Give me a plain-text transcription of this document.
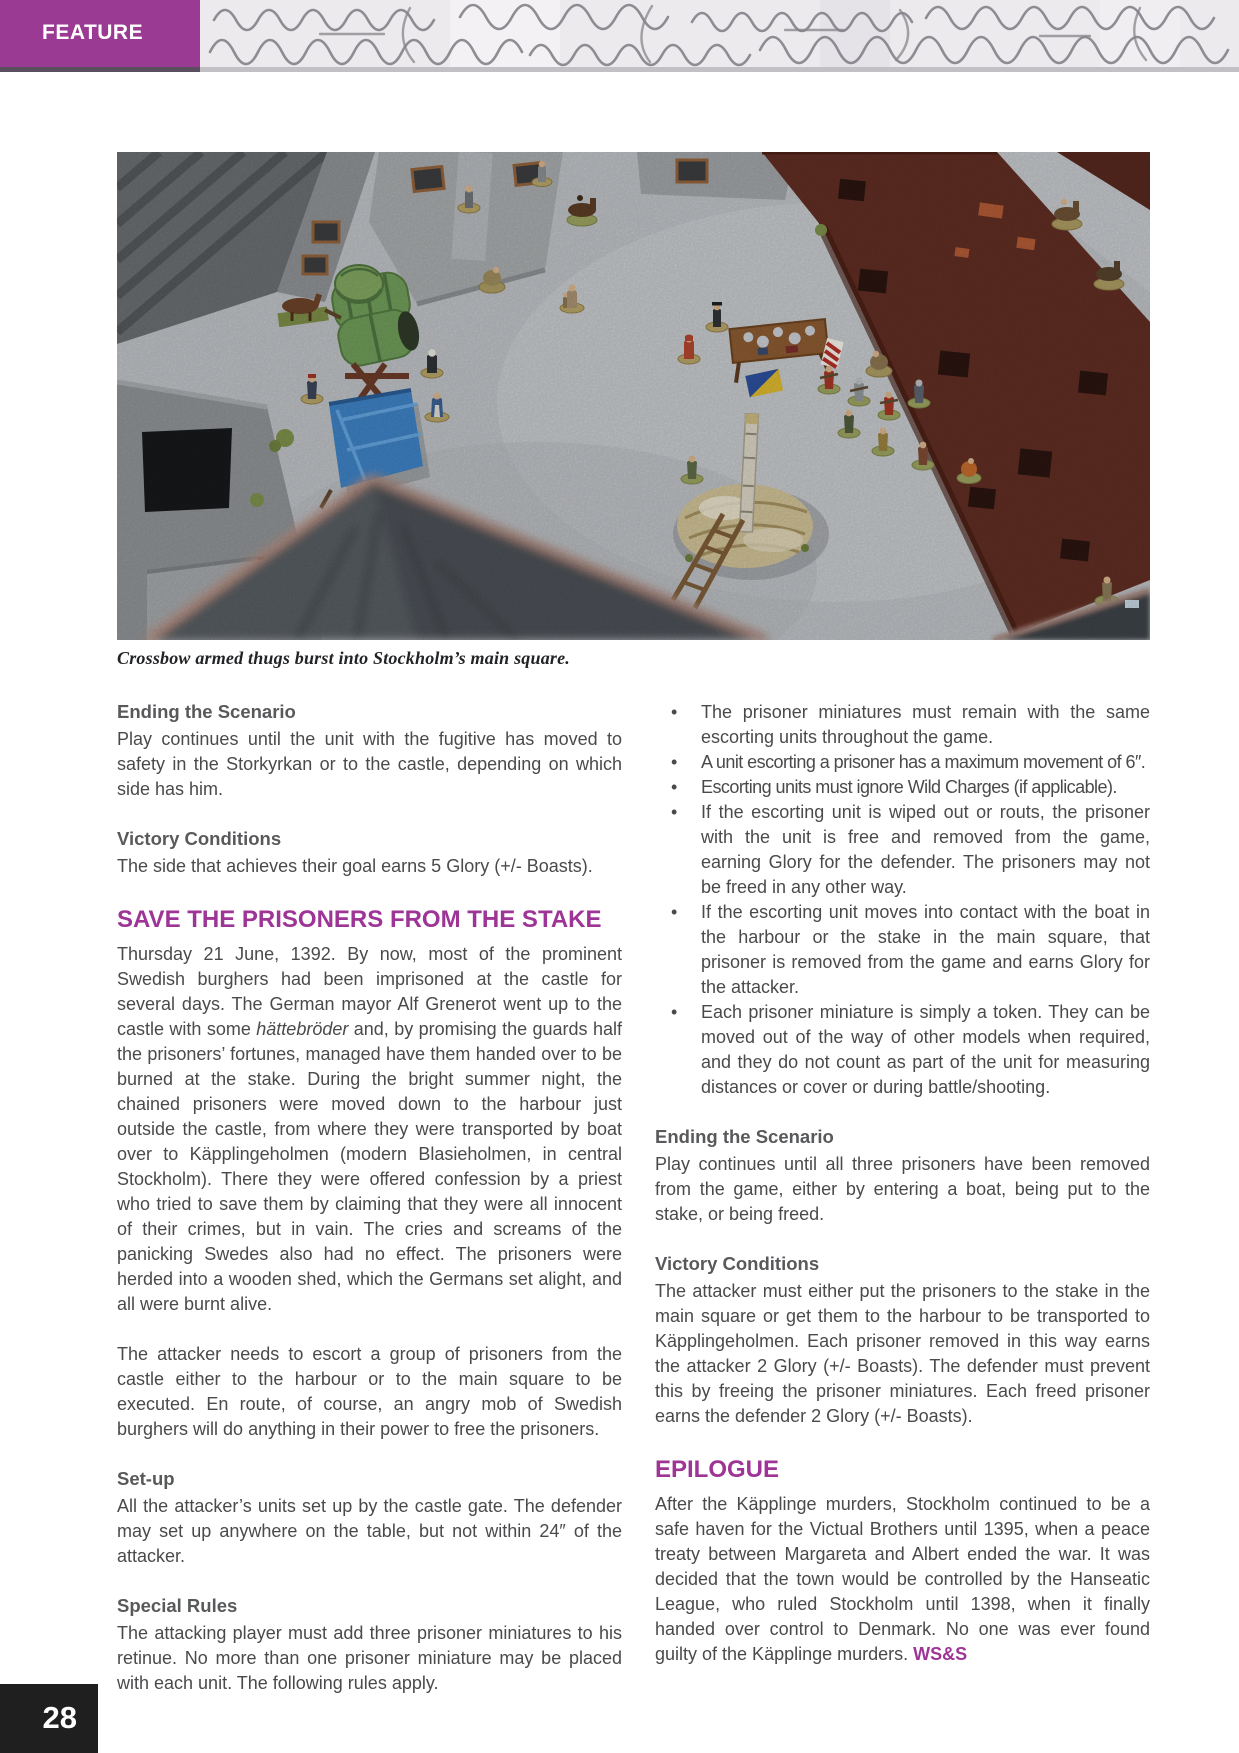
FEATURE
Crossbow armed thugs burst into Stockholm’s main square.
Ending the Scenario

Play continues until the unit with the fugitive has moved to safety in the Storkyrkan or to the castle, depending on which side has him.

Victory Conditions

The side that achieves their goal earns 5 Glory (+/- Boasts).

SAVE THE PRISONERS FROM THE STAKE

Thursday 21 June, 1392. By now, most of the prominent Swedish burghers had been imprisoned at the castle for several days. The German mayor Alf Grenerot went up to the castle with some hättebröder and, by promising the guards half the prisoners’ fortunes, managed have them handed over to be burned at the stake. During the bright summer night, the chained prisoners were moved down to the harbour just outside the castle, from where they were transported by boat over to Käpplingeholmen (modern Blasieholmen, in central Stockholm). There they were offered confession by a priest who tried to save them by claiming that they were all innocent of their crimes, but in vain. The cries and screams of the panicking Swedes also had no effect. The prisoners were herded into a wooden shed, which the Germans set alight, and all were burnt alive.

The attacker needs to escort a group of prisoners from the castle either to the harbour or to the main square to be executed. En route, of course, an angry mob of Swedish burghers will do anything in their power to free the prisoners.

Set-up

All the attacker’s units set up by the castle gate. The defender may set up anywhere on the table, but not within 24″ of the attacker.

Special Rules

The attacking player must add three prisoner miniatures to his retinue. No more than one prisoner miniature may be placed with each unit. The following rules apply.

• The prisoner miniatures must remain with the same escorting units throughout the game.
• A unit escorting a prisoner has a maximum movement of 6″.
• Escorting units must ignore Wild Charges (if applicable).
• If the escorting unit is wiped out or routs, the prisoner with the unit is free and removed from the game, earning Glory for the defender. The prisoners may not be freed in any other way.
• If the escorting unit moves into contact with the boat in the harbour or the stake in the main square, that prisoner is removed from the game and earns Glory for the attacker.
• Each prisoner miniature is simply a token. They can be moved out of the way of other models when required, and they do not count as part of the unit for measuring distances or cover or during battle/shooting.
Ending the Scenario

Play continues until all three prisoners have been removed from the game, either by entering a boat, being put to the stake, or being freed.

Victory Conditions

The attacker must either put the prisoners to the stake in the main square or get them to the harbour to be transported to Käpplingeholmen. Each prisoner removed in this way earns the attacker 2 Glory (+/- Boasts). The defender must prevent this by freeing the prisoner miniatures. Each freed prisoner earns the defender 2 Glory (+/- Boasts).

EPILOGUE

After the Käpplinge murders, Stockholm continued to be a safe haven for the Victual Brothers until 1395, when a peace treaty between Margareta and Albert ended the war. It was decided that the town would be controlled by the Hanseatic League, who ruled Stockholm until 1398, when it finally handed over control to Denmark. No one was ever found guilty of the Käpplinge murders. WS&S

28
